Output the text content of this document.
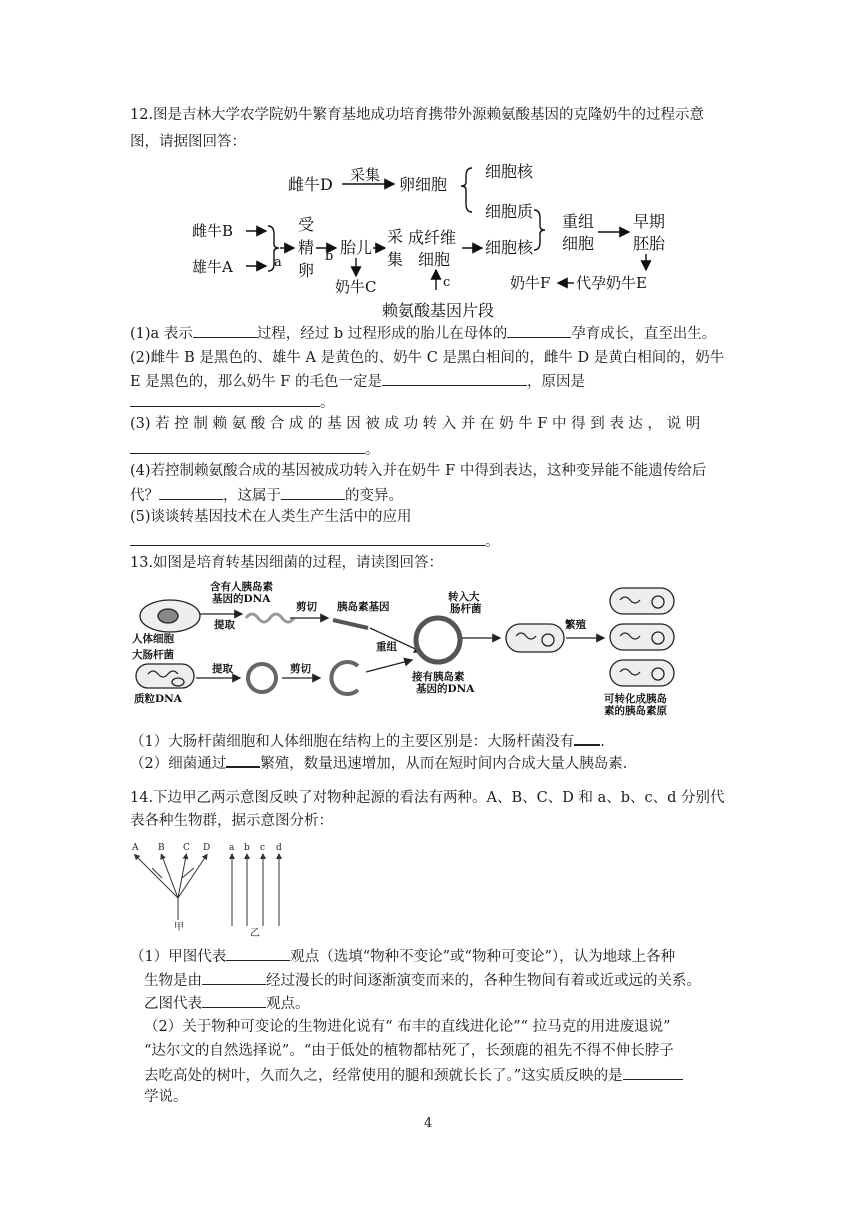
12.图是吉林大学农学院奶牛繁育基地成功培育携带外源赖氨酸基因的克隆奶牛的过程示意
图，请据图回答：
雌牛D 采集 卵细胞
细胞核
细胞质
雌牛B
雄牛A	a	b
受
精
卵
胎儿
采
集
成纤维
细胞
c
细胞核
重组
细胞
早期
胚胎
奶牛C	奶牛F 代孕奶牛E
赖氨酸基因片段
(1)a 表示	过程，经过 b 过程形成的胎儿在母体的	孕育成长，直至出生。
(2)雌牛 B 是黑色的、雄牛 A 是黄色的、奶牛 C 是黑白相间的，雌牛 D 是黄白相间的，奶牛
E 是黑色的，那么奶牛 F 的毛色一定是	，原因是
。
(3) 若 控 制 赖 氨 酸 合 成 的 基 因 被 成 功 转 入 并 在 奶 牛 F 中 得 到 表 达 ， 说 明
。
(4)若控制赖氨酸合成的基因被成功转入并在奶牛 F 中得到表达，这种变异能不能遗传给后
代？	，这属于	的变异。
(5)谈谈转基因技术在人类生产生活中的应用
。
13.如图是培育转基因细菌的过程，请读图回答：
含有人胰岛素
基因的DNA
剪切 胰岛素基因
提取
人体细胞
大肠杆菌
质粒DNA
提取	剪切
重组
转入大
肠杆菌
繁殖
接有胰岛素
基因的DNA
可转化成胰岛
素的胰岛素原
（1）大肠杆菌细胞和人体细胞在结构上的主要区别是：大肠杆菌没有 .
（2）细菌通过 繁殖，数量迅速增加，从而在短时间内合成大量人胰岛素.
14.下边甲乙两示意图反映了对物种起源的看法有两种。A、B、C、D 和 a、b、c、d 分别代
表各种生物群，据示意图分析：
A B C D a b c d
甲
乙
（1）甲图代表	观点（选填“物种不变论”或“物种可变论”），认为地球上各种
生物是由	经过漫长的时间逐渐演变而来的，各种生物间有着或近或远的关系。
乙图代表	观点。
（2）关于物种可变论的生物进化说有“ 布丰的直线进化论”“ 拉马克的用进废退说”
“达尔文的自然选择说”。“由于低处的植物都枯死了，长颈鹿的祖先不得不伸长脖子
去吃高处的树叶，久而久之，经常使用的腿和颈就长长了。”这实质反映的是
学说。
4
